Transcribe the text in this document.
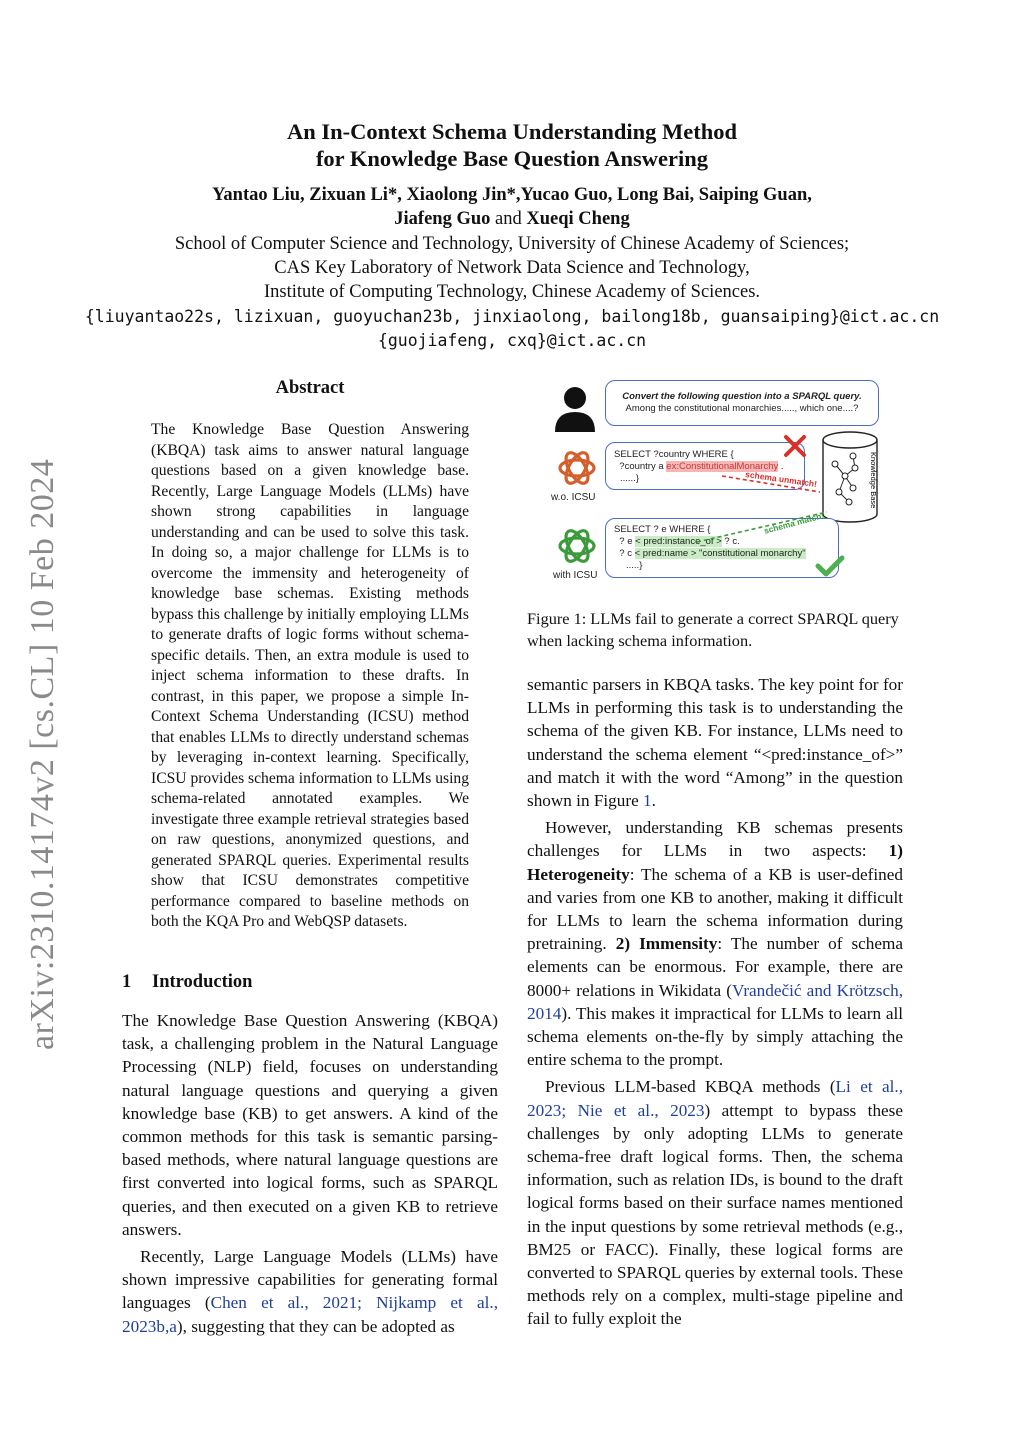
An In-Context Schema Understanding Method
for Knowledge Base Question Answering
Yantao Liu, Zixuan Li*, Xiaolong Jin*,Yucao Guo, Long Bai, Saiping Guan,
Jiafeng Guo and Xueqi Cheng
School of Computer Science and Technology, University of Chinese Academy of Sciences;
CAS Key Laboratory of Network Data Science and Technology,
Institute of Computing Technology, Chinese Academy of Sciences.
{liuyantao22s, lizixuan, guoyuchan23b, jinxiaolong, bailong18b, guansaiping}@ict.ac.cn
{guojiafeng, cxq}@ict.ac.cn
arXiv:2310.14174v2 [cs.CL] 10 Feb 2024
Abstract
The Knowledge Base Question Answering (KBQA) task aims to answer natural language questions based on a given knowledge base. Recently, Large Language Models (LLMs) have shown strong capabilities in language understanding and can be used to solve this task. In doing so, a major challenge for LLMs is to overcome the immensity and heterogeneity of knowledge base schemas. Existing methods bypass this challenge by initially employing LLMs to generate drafts of logic forms without schema-specific details. Then, an extra module is used to inject schema information to these drafts. In contrast, in this paper, we propose a simple In-Context Schema Understanding (ICSU) method that enables LLMs to directly understand schemas by leveraging in-context learning. Specifically, ICSU provides schema information to LLMs using schema-related annotated examples. We investigate three example retrieval strategies based on raw questions, anonymized questions, and generated SPARQL queries. Experimental results show that ICSU demonstrates competitive performance compared to baseline methods on both the KQA Pro and WebQSP datasets.
1 Introduction

The Knowledge Base Question Answering (KBQA) task, a challenging problem in the Natural Language Processing (NLP) field, focuses on understanding natural language questions and querying a given knowledge base (KB) to get answers. A kind of the common methods for this task is semantic parsing-based methods, where natural language questions are first converted into logical forms, such as SPARQL queries, and then executed on a given KB to retrieve answers.

Recently, Large Language Models (LLMs) have shown impressive capabilities for generating formal languages (Chen et al., 2021; Nijkamp et al., 2023b,a), suggesting that they can be adopted as

Convert the following question into a SPARQL query.
Among the constitutional monarchies....., which one....?
w.o. ICSU
SELECT ?country WHERE {
?country a ex:ConstitutionalMonarchy .
......}	Knowledge Base
schema unmatch!
with ICSU
SELECT ? e WHERE {
? e < pred:instance_of > ? c.
? c < pred:name > "constitutional monarchy"
.....}
schema match!
Figure 1: LLMs fail to generate a correct SPARQL query when lacking schema information.

semantic parsers in KBQA tasks. The key point for for LLMs in performing this task is to understanding the schema of the given KB. For instance, LLMs need to understand the schema element “<pred:instance_of>” and match it with the word “Among” in the question shown in Figure 1.

However, understanding KB schemas presents challenges for LLMs in two aspects: 1) Heterogeneity: The schema of a KB is user-defined and varies from one KB to another, making it difficult for LLMs to learn the schema information during pretraining. 2) Immensity: The number of schema elements can be enormous. For example, there are 8000+ relations in Wikidata (Vrandečić and Krötzsch, 2014). This makes it impractical for LLMs to learn all schema elements on-the-fly by simply attaching the entire schema to the prompt.

Previous LLM-based KBQA methods (Li et al., 2023; Nie et al., 2023) attempt to bypass these challenges by only adopting LLMs to generate schema-free draft logical forms. Then, the schema information, such as relation IDs, is bound to the draft logical forms based on their surface names mentioned in the input questions by some retrieval methods (e.g., BM25 or FACC). Finally, these logical forms are converted to SPARQL queries by external tools. These methods rely on a complex, multi-stage pipeline and fail to fully exploit the
